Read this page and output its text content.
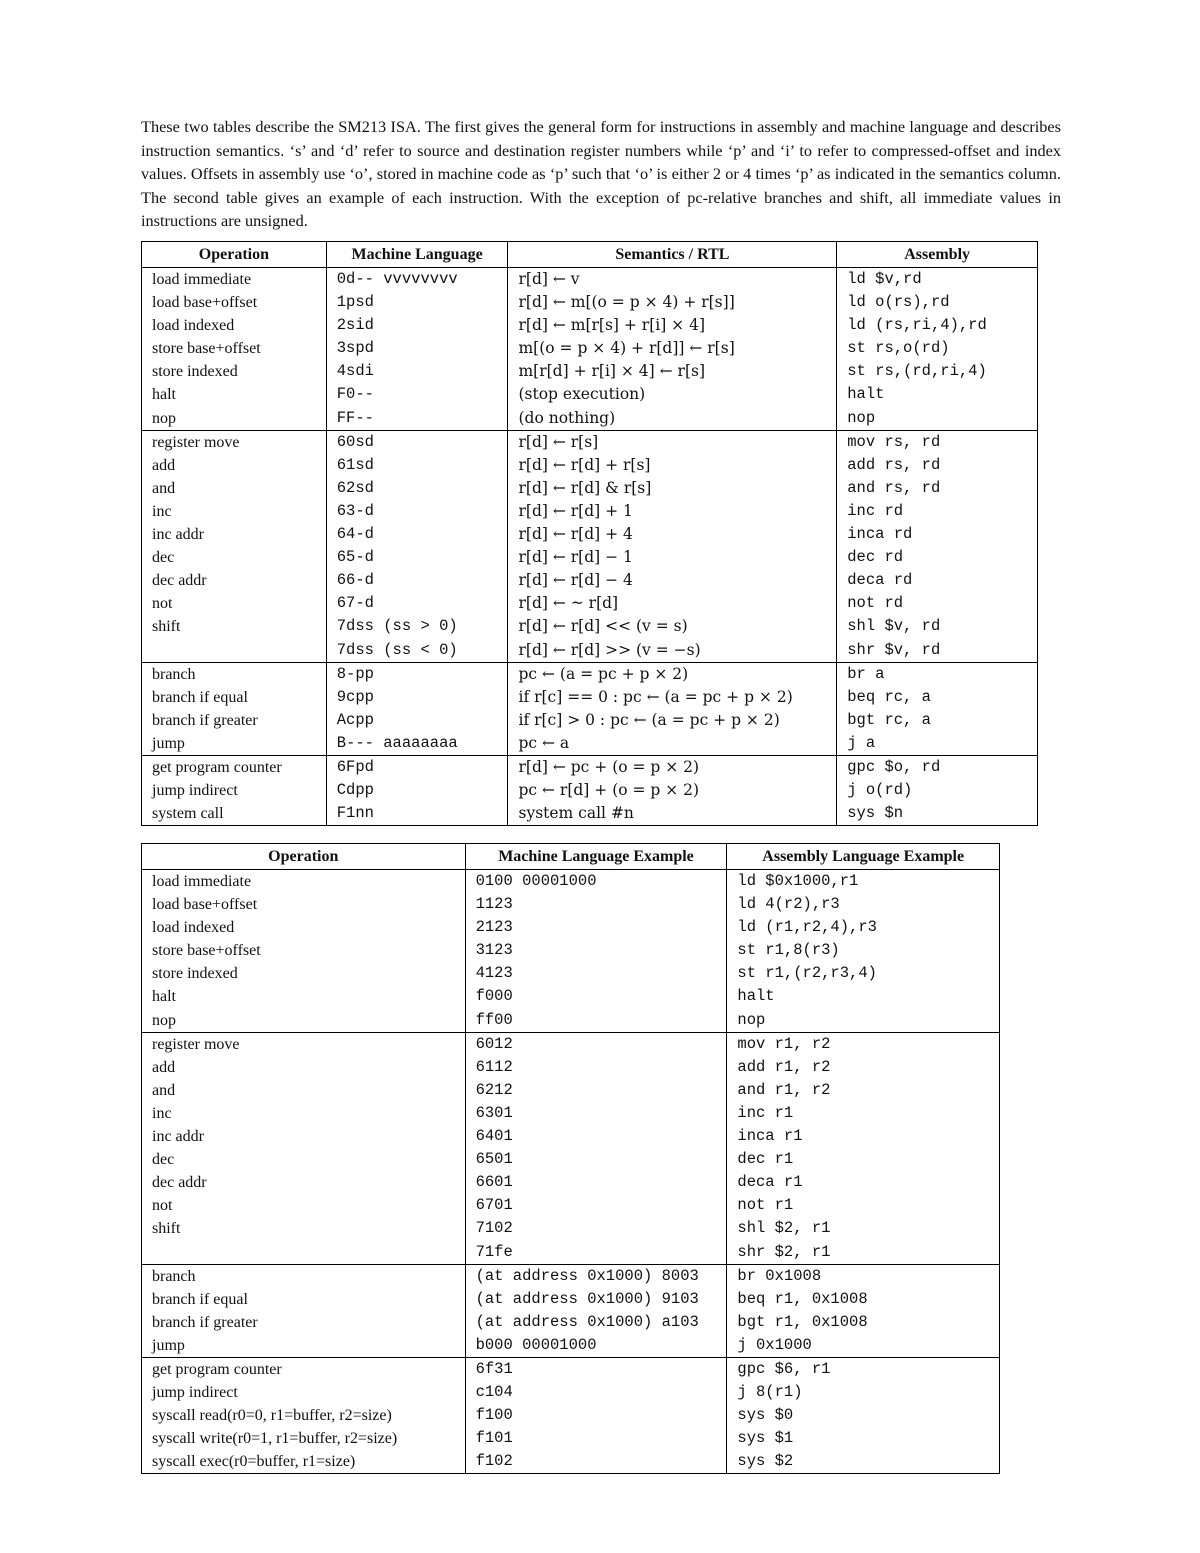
These two tables describe the SM213 ISA. The first gives the general form for instructions in assembly and machine language and describes instruction semantics. ‘s’ and ‘d’ refer to source and destination register numbers while ‘p’ and ‘i’ to refer to compressed-offset and index values. Offsets in assembly use ‘o’, stored in machine code as ‘p’ such that ‘o’ is either 2 or 4 times ‘p’ as indicated in the semantics column. The second table gives an example of each instruction. With the exception of pc-relative branches and shift, all immediate values in instructions are unsigned.

Operation	Machine Language	Semantics / RTL	Assembly
load immediate	0d-- vvvvvvvv	r[d] ← v	ld $v,rd
load base+offset	1psd	r[d] ← m[(o = p × 4) + r[s]]	ld o(rs),rd
load indexed	2sid	r[d] ← m[r[s] + r[i] × 4]	ld (rs,ri,4),rd
store base+offset	3spd	m[(o = p × 4) + r[d]] ← r[s]	st rs,o(rd)
store indexed	4sdi	m[r[d] + r[i] × 4] ← r[s]	st rs,(rd,ri,4)
halt	F0--	(stop execution)	halt
nop	FF--	(do nothing)	nop
register move	60sd	r[d] ← r[s]	mov rs, rd
add	61sd	r[d] ← r[d] + r[s]	add rs, rd
and	62sd	r[d] ← r[d] & r[s]	and rs, rd
inc	63-d	r[d] ← r[d] + 1	inc rd
inc addr	64-d	r[d] ← r[d] + 4	inca rd
dec	65-d	r[d] ← r[d] − 1	dec rd
dec addr	66-d	r[d] ← r[d] − 4	deca rd
not	67-d	r[d] ← ~ r[d]	not rd
shift	7dss (ss > 0)	r[d] ← r[d] << (v = s)	shl $v, rd
	7dss (ss < 0)	r[d] ← r[d] >> (v = −s)	shr $v, rd
branch	8-pp	pc ← (a = pc + p × 2)	br a
branch if equal	9cpp	if r[c] == 0 : pc ← (a = pc + p × 2)	beq rc, a
branch if greater	Acpp	if r[c] > 0 : pc ← (a = pc + p × 2)	bgt rc, a
jump	B--- aaaaaaaa	pc ← a	j a
get program counter	6Fpd	r[d] ← pc + (o = p × 2)	gpc $o, rd
jump indirect	Cdpp	pc ← r[d] + (o = p × 2)	j o(rd)
system call	F1nn	system call #n	sys $n
Operation	Machine Language Example	Assembly Language Example
load immediate	0100 00001000	ld $0x1000,r1
load base+offset	1123	ld 4(r2),r3
load indexed	2123	ld (r1,r2,4),r3
store base+offset	3123	st r1,8(r3)
store indexed	4123	st r1,(r2,r3,4)
halt	f000	halt
nop	ff00	nop
register move	6012	mov r1, r2
add	6112	add r1, r2
and	6212	and r1, r2
inc	6301	inc r1
inc addr	6401	inca r1
dec	6501	dec r1
dec addr	6601	deca r1
not	6701	not r1
shift	7102	shl $2, r1
	71fe	shr $2, r1
branch	(at address 0x1000) 8003	br 0x1008
branch if equal	(at address 0x1000) 9103	beq r1, 0x1008
branch if greater	(at address 0x1000) a103	bgt r1, 0x1008
jump	b000 00001000	j 0x1000
get program counter	6f31	gpc $6, r1
jump indirect	c104	j 8(r1)
syscall read(r0=0, r1=buffer, r2=size)	f100	sys $0
syscall write(r0=1, r1=buffer, r2=size)	f101	sys $1
syscall exec(r0=buffer, r1=size)	f102	sys $2
